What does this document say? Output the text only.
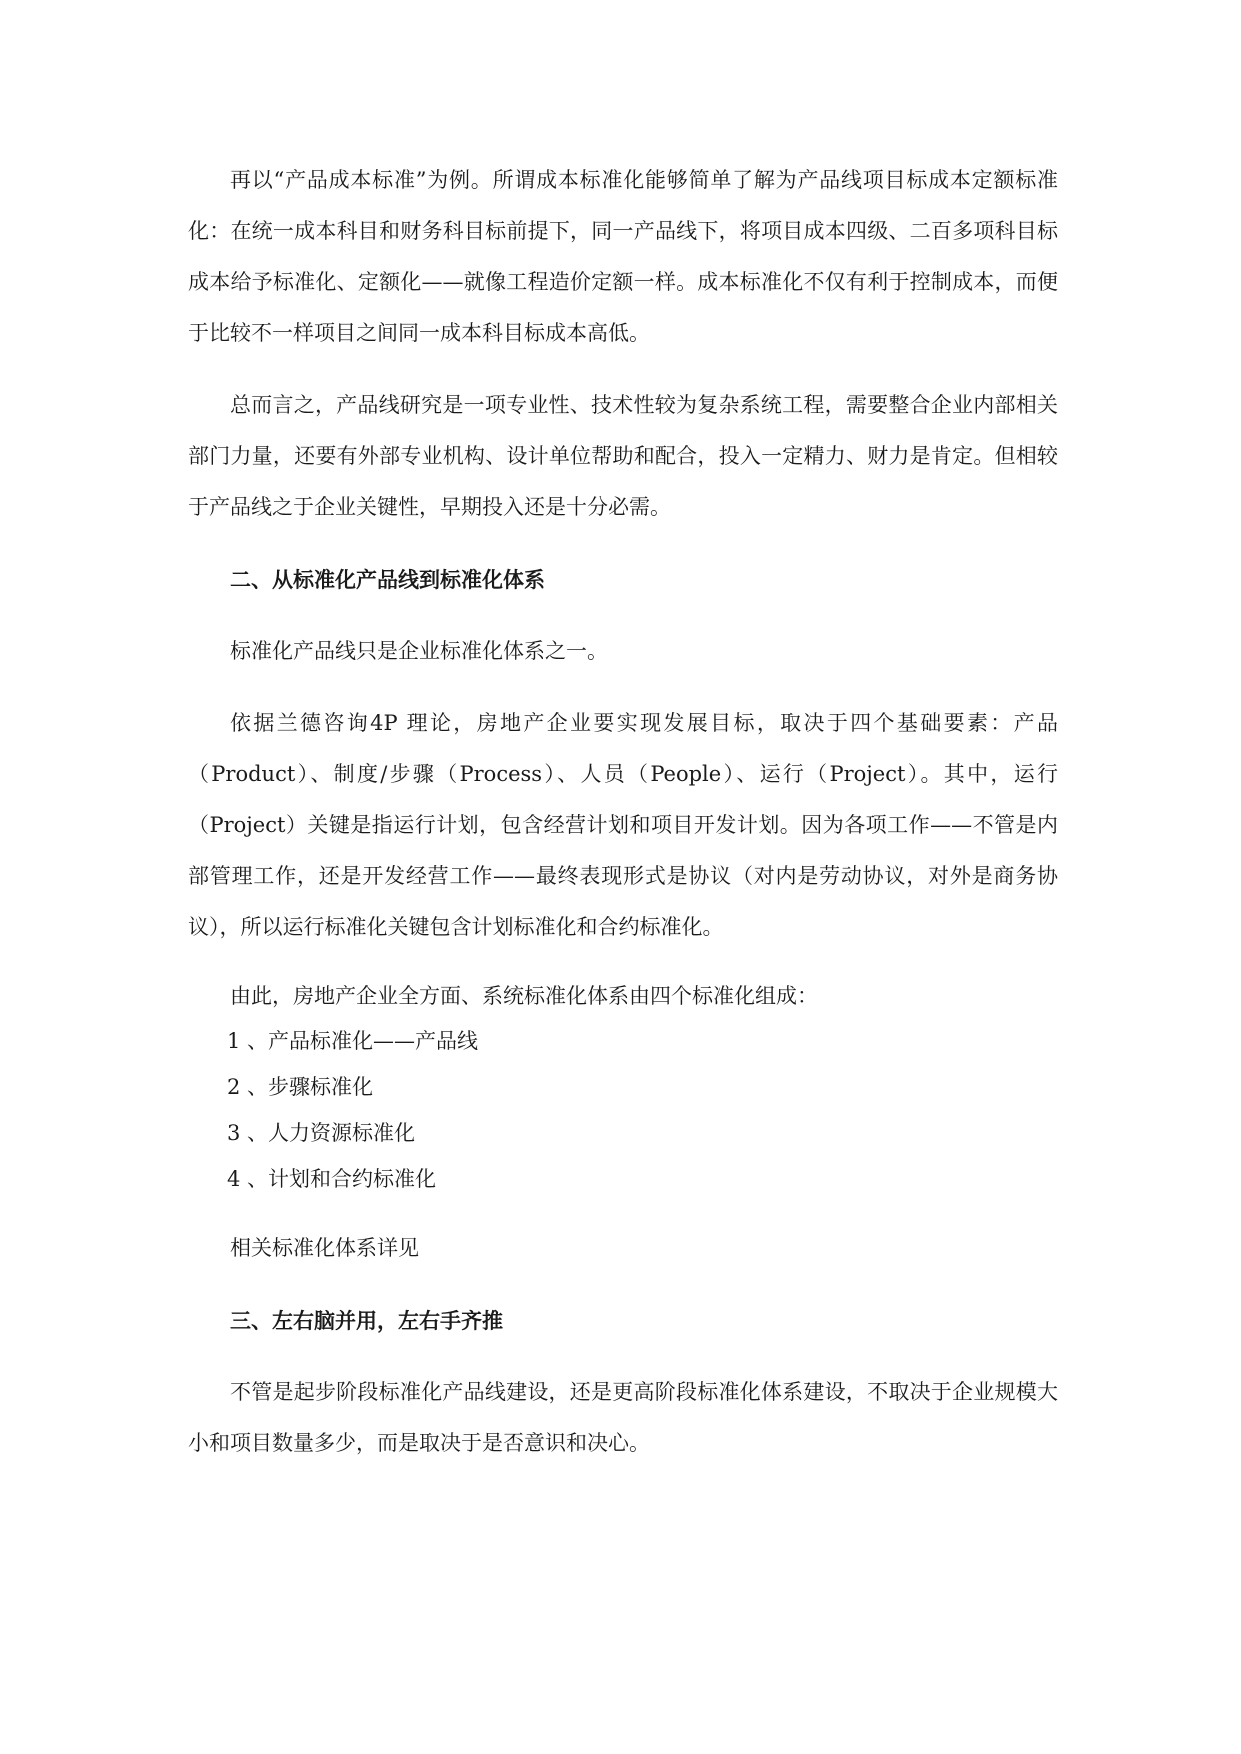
再以“产品成本标准”为例。所谓成本标准化能够简单了解为产品线项目标成本定额标准化：在统一成本科目和财务科目标前提下，同一产品线下，将项目成本四级、二百多项科目标成本给予标准化、定额化——就像工程造价定额一样。成本标准化不仅有利于控制成本，而便于比较不一样项目之间同一成本科目标成本高低。

总而言之，产品线研究是一项专业性、技术性较为复杂系统工程，需要整合企业内部相关部门力量，还要有外部专业机构、设计单位帮助和配合，投入一定精力、财力是肯定。但相较于产品线之于企业关键性，早期投入还是十分必需。

二、从标准化产品线到标准化体系

标准化产品线只是企业标准化体系之一。

依据兰德咨询4P 理论，房地产企业要实现发展目标，取决于四个基础要素：产品（Product）、制度/步骤（Process）、人员（People）、运行（Project）。其中，运行（Project）关键是指运行计划，包含经营计划和项目开发计划。因为各项工作——不管是内部管理工作，还是开发经营工作——最终表现形式是协议（对内是劳动协议，对外是商务协议），所以运行标准化关键包含计划标准化和合约标准化。

由此，房地产企业全方面、系统标准化体系由四个标准化组成：

1 、产品标准化——产品线
2 、步骤标准化
3 、人力资源标准化
4 、计划和合约标准化

相关标准化体系详见

三、左右脑并用，左右手齐推

不管是起步阶段标准化产品线建设，还是更高阶段标准化体系建设，不取决于企业规模大小和项目数量多少，而是取决于是否意识和决心。
